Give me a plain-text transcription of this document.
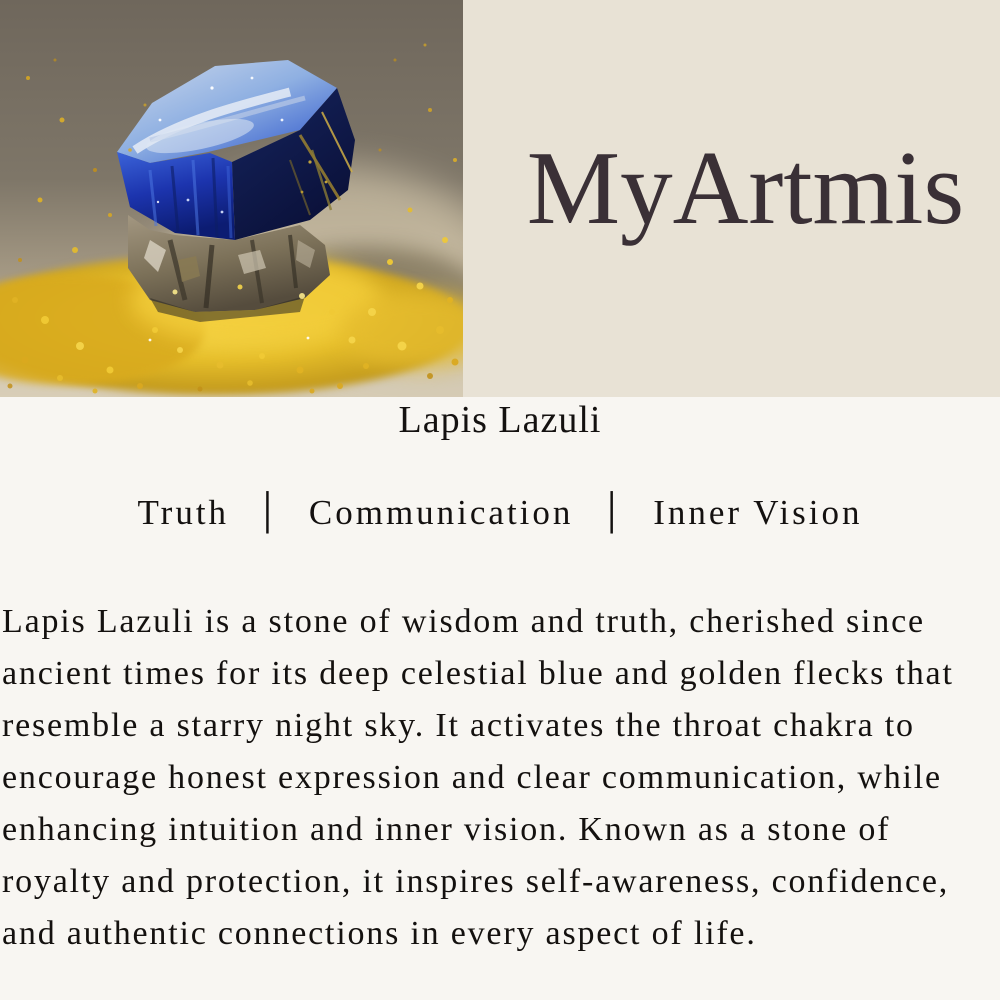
MyArtmis
Lapis Lazuli
Truth │ Communication │ Inner Vision
Lapis Lazuli is a stone of wisdom and truth, cherished since
ancient times for its deep celestial blue and golden flecks that
resemble a starry night sky. It activates the throat chakra to
encourage honest expression and clear communication, while
enhancing intuition and inner vision. Known as a stone of
royalty and protection, it inspires self-awareness, confidence,
and authentic connections in every aspect of life.
